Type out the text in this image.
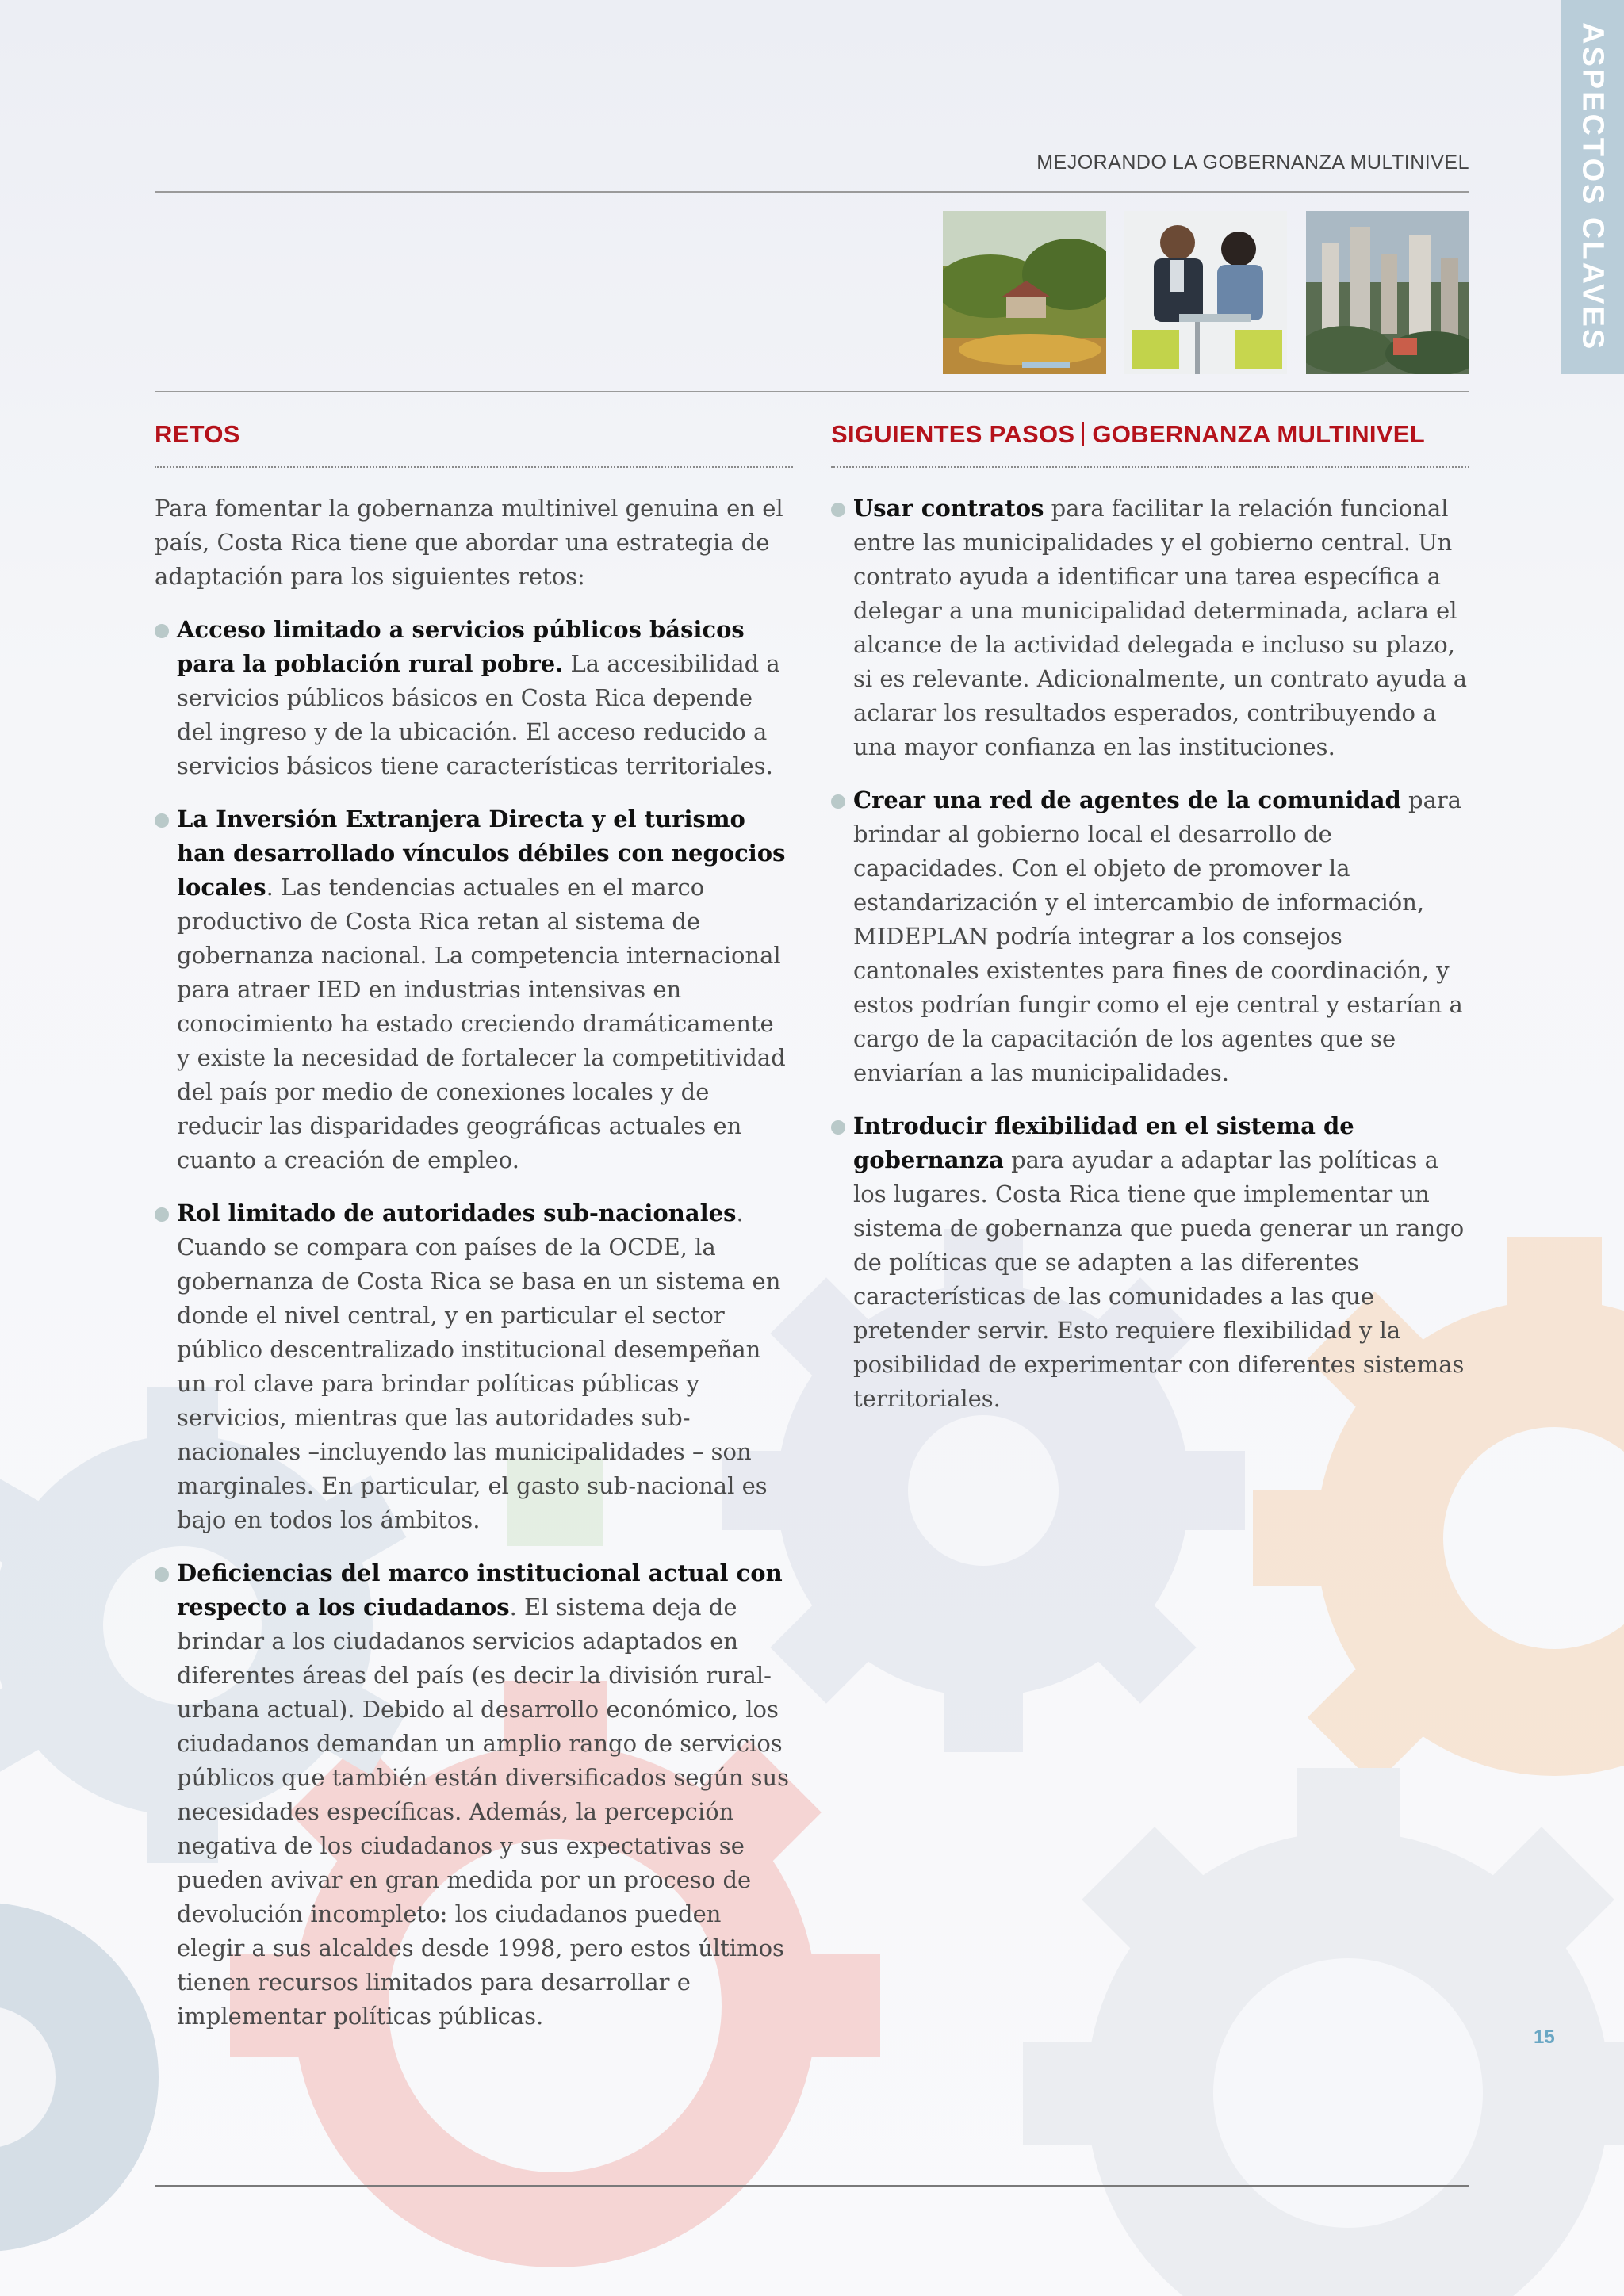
ASPECTOS CLAVES
MEJORANDO LA GOBERNANZA MULTINIVEL
RETOS

Para fomentar la gobernanza multinivel genuina en el país, Costa Rica tiene que abordar una estrategia de adaptación para los siguientes retos:

Acceso limitado a servicios públicos básicos para la población rural pobre. La accesibilidad a servicios públicos básicos en Costa Rica depende del ingreso y de la ubicación. El acceso reducido a servicios básicos tiene características territoriales.
La Inversión Extranjera Directa y el turismo han desarrollado vínculos débiles con negocios locales. Las tendencias actuales en el marco productivo de Costa Rica retan al sistema de gobernanza nacional. La competencia internacional para atraer IED en industrias intensivas en conocimiento ha estado creciendo dramáticamente y existe la necesidad de fortalecer la competitividad del país por medio de conexiones locales y de reducir las disparidades geográficas actuales en cuanto a creación de empleo.
Rol limitado de autoridades sub-nacionales. Cuando se compara con países de la OCDE, la gobernanza de Costa Rica se basa en un sistema en donde el nivel central, y en particular el sector público descentralizado institucional desempeñan un rol clave para brindar políticas públicas y servicios, mientras que las autoridades sub-nacionales –incluyendo las municipalidades – son marginales. En particular, el gasto sub-nacional es bajo en todos los ámbitos.
Deficiencias del marco institucional actual con respecto a los ciudadanos. El sistema deja de brindar a los ciudadanos servicios adaptados en diferentes áreas del país (es decir la división rural-urbana actual). Debido al desarrollo económico, los ciudadanos demandan un amplio rango de servicios públicos que también están diversificados según sus necesidades específicas. Además, la percepción negativa de los ciudadanos y sus expectativas se pueden avivar en gran medida por un proceso de devolución incompleto: los ciudadanos pueden elegir a sus alcaldes desde 1998, pero estos últimos tienen recursos limitados para desarrollar e implementar políticas públicas.
SIGUIENTES PASOS GOBERNANZA MULTINIVEL
Usar contratos para facilitar la relación funcional entre las municipalidades y el gobierno central. Un contrato ayuda a identificar una tarea específica a delegar a una municipalidad determinada, aclara el alcance de la actividad delegada e incluso su plazo, si es relevante. Adicionalmente, un contrato ayuda a aclarar los resultados esperados, contribuyendo a una mayor confianza en las instituciones.
Crear una red de agentes de la comunidad para brindar al gobierno local el desarrollo de capacidades. Con el objeto de promover la estandarización y el intercambio de información, MIDEPLAN podría integrar a los consejos cantonales existentes para fines de coordinación, y estos podrían fungir como el eje central y estarían a cargo de la capacitación de los agentes que se enviarían a las municipalidades.
Introducir flexibilidad en el sistema de gobernanza para ayudar a adaptar las políticas a los lugares. Costa Rica tiene que implementar un sistema de gobernanza que pueda generar un rango de políticas que se adapten a las diferentes características de las comunidades a las que pretender servir. Esto requiere flexibilidad y la posibilidad de experimentar con diferentes sistemas territoriales.
15
